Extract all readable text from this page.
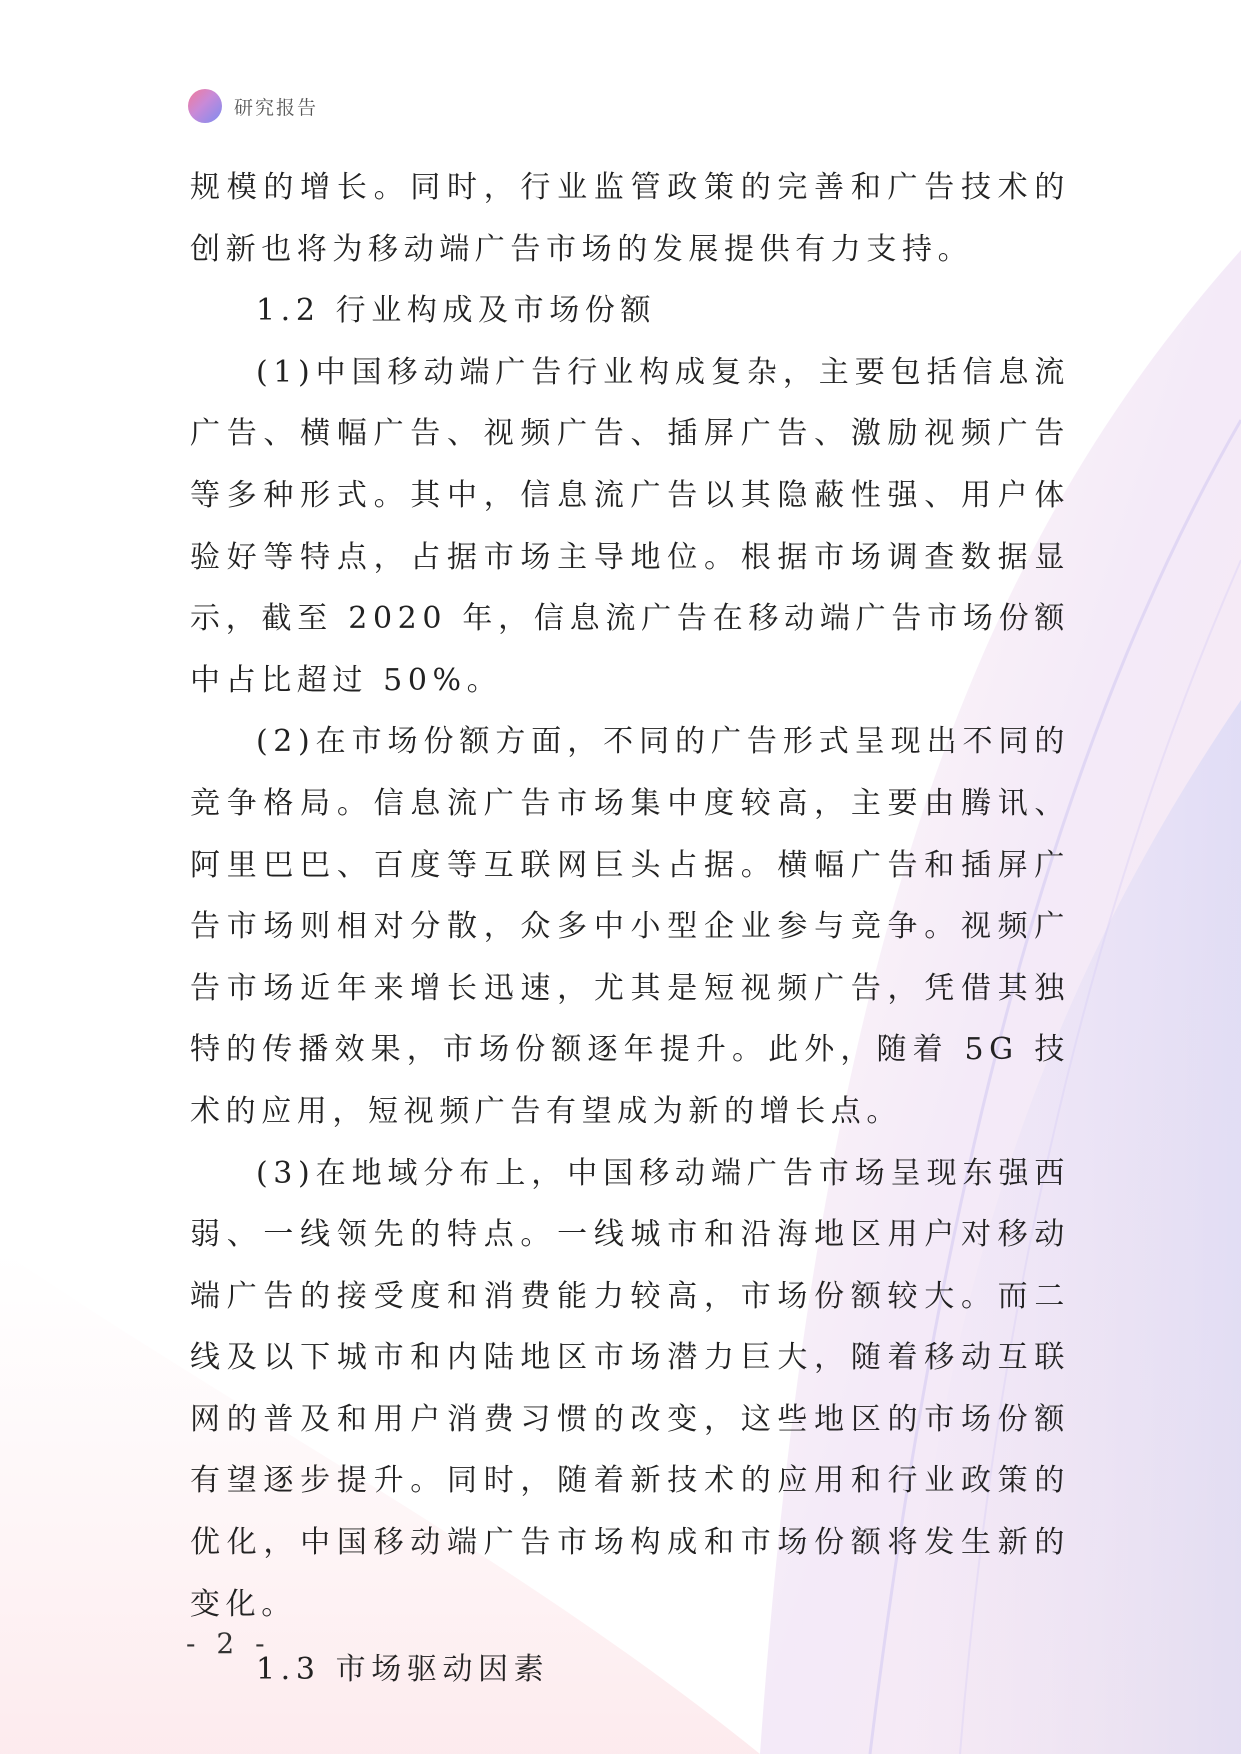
研究报告

规模的增长。同时，行业监管政策的完善和广告技术的创新也将为移动端广告市场的发展提供有力支持。

1.2 行业构成及市场份额

(1)中国移动端广告行业构成复杂，主要包括信息流广告、横幅广告、视频广告、插屏广告、激励视频广告等多种形式。其中，信息流广告以其隐蔽性强、用户体验好等特点，占据市场主导地位。根据市场调查数据显示，截至 2020 年，信息流广告在移动端广告市场份额中占比超过 50%。

(2)在市场份额方面，不同的广告形式呈现出不同的竞争格局。信息流广告市场集中度较高，主要由腾讯、阿里巴巴、百度等互联网巨头占据。横幅广告和插屏广告市场则相对分散，众多中小型企业参与竞争。视频广告市场近年来增长迅速，尤其是短视频广告，凭借其独特的传播效果，市场份额逐年提升。此外，随着 5G 技术的应用，短视频广告有望成为新的增长点。

(3)在地域分布上，中国移动端广告市场呈现东强西弱、一线领先的特点。一线城市和沿海地区用户对移动端广告的接受度和消费能力较高，市场份额较大。而二线及以下城市和内陆地区市场潜力巨大，随着移动互联网的普及和用户消费习惯的改变，这些地区的市场份额有望逐步提升。同时，随着新技术的应用和行业政策的优化，中国移动端广告市场构成和市场份额将发生新的变化。

1.3 市场驱动因素

- 2 -
